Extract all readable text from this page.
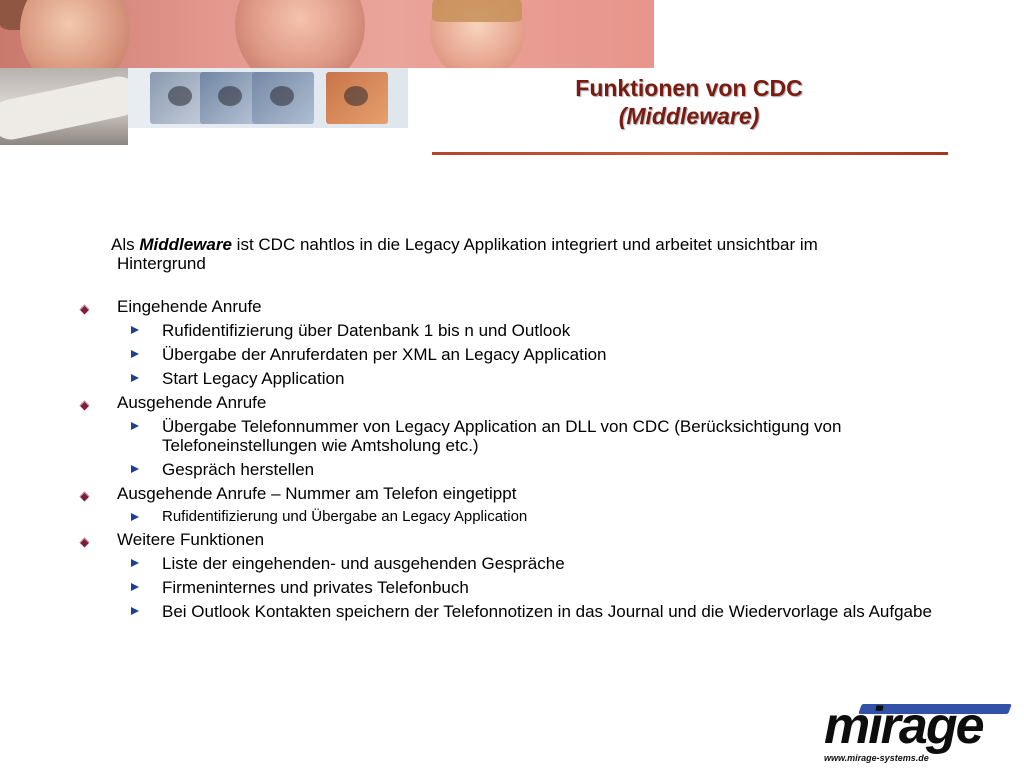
Funktionen von CDC
(Middleware)
Als Middleware ist CDC nahtlos in die Legacy Applikation integriert und arbeitet unsichtbar im
Hintergrund
Eingehende Anrufe
Rufidentifizierung über Datenbank 1 bis n und Outlook
Übergabe der Anruferdaten per XML an Legacy Application
Start Legacy Application
Ausgehende Anrufe
Übergabe Telefonnummer von Legacy Application an DLL von CDC (Berücksichtigung von Telefoneinstellungen wie Amtsholung etc.)
Gespräch herstellen
Ausgehende Anrufe – Nummer am Telefon eingetippt
Rufidentifizierung und Übergabe an Legacy Application
Weitere Funktionen
Liste der eingehenden- und ausgehenden Gespräche
Firmeninternes und privates Telefonbuch
Bei Outlook Kontakten speichern der Telefonnotizen in das Journal und die Wiedervorlage als Aufgabe
mirage
www.mirage-systems.de
